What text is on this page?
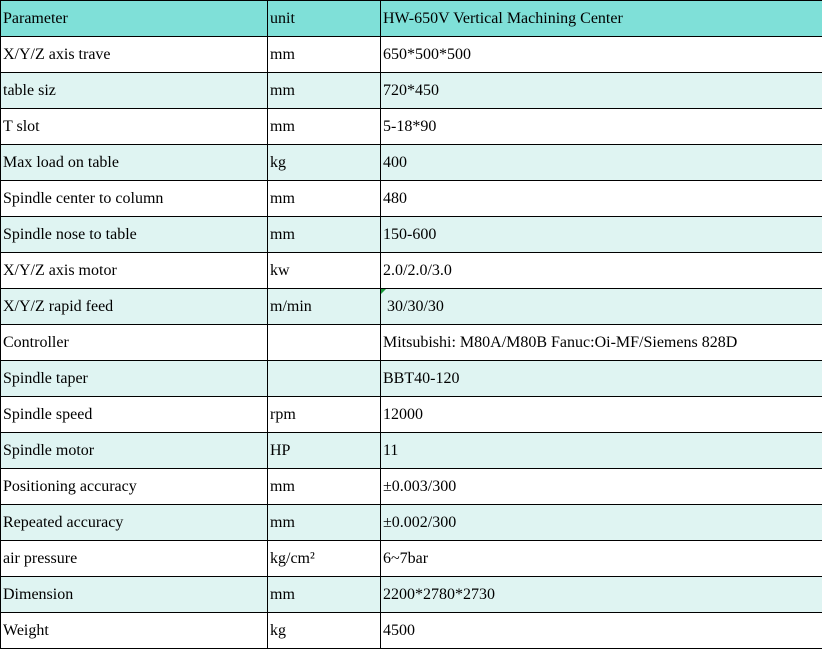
Parameter	unit	HW-650V Vertical Machining Center
X/Y/Z axis trave	mm	650*500*500
table siz	mm	720*450
T slot	mm	5-18*90
Max load on table	kg	400
Spindle center to column	mm	480
Spindle nose to table	mm	150-600
X/Y/Z axis motor	kw	2.0/2.0/3.0
X/Y/Z rapid feed	m/min	30/30/30
Controller		Mitsubishi: M80A/M80B Fanuc:Oi-MF/Siemens 828D
Spindle taper		BBT40-120
Spindle speed	rpm	12000
Spindle motor	HP	11
Positioning accuracy	mm	±0.003/300
Repeated accuracy	mm	±0.002/300
air pressure	kg/cm²	6~7bar
Dimension	mm	2200*2780*2730
Weight	kg	4500
